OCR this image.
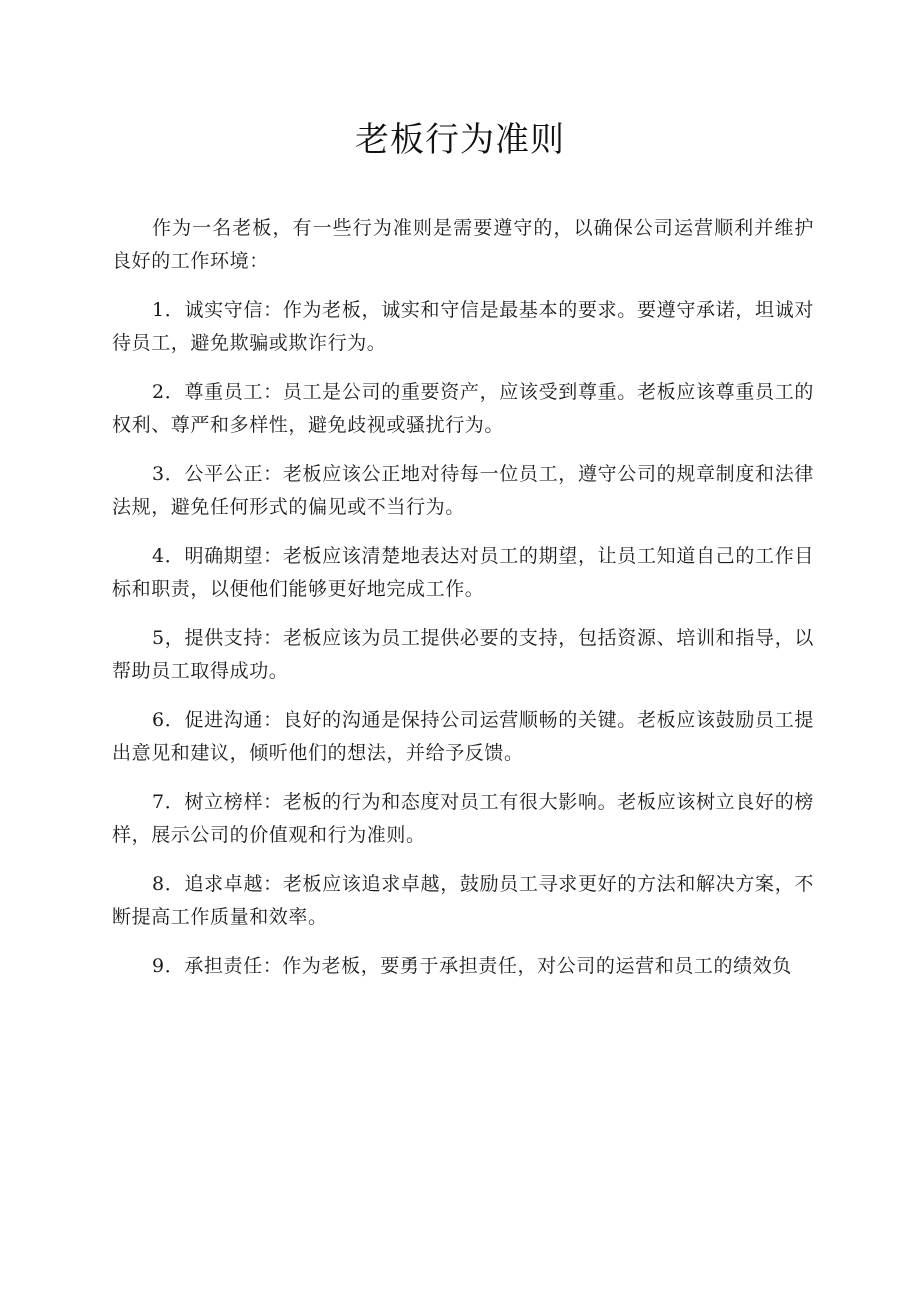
老板行为准则

作为一名老板，有一些行为准则是需要遵守的，以确保公司运营顺利并维护良好的工作环境：

1．诚实守信：作为老板，诚实和守信是最基本的要求。要遵守承诺，坦诚对待员工，避免欺骗或欺诈行为。

2．尊重员工：员工是公司的重要资产，应该受到尊重。老板应该尊重员工的权利、尊严和多样性，避免歧视或骚扰行为。

3．公平公正：老板应该公正地对待每一位员工，遵守公司的规章制度和法律法规，避免任何形式的偏见或不当行为。

4．明确期望：老板应该清楚地表达对员工的期望，让员工知道自己的工作目标和职责，以便他们能够更好地完成工作。

5，提供支持：老板应该为员工提供必要的支持，包括资源、培训和指导，以帮助员工取得成功。

6．促进沟通：良好的沟通是保持公司运营顺畅的关键。老板应该鼓励员工提出意见和建议，倾听他们的想法，并给予反馈。

7．树立榜样：老板的行为和态度对员工有很大影响。老板应该树立良好的榜样，展示公司的价值观和行为准则。

8．追求卓越：老板应该追求卓越，鼓励员工寻求更好的方法和解决方案，不断提高工作质量和效率。

9．承担责任：作为老板，要勇于承担责任，对公司的运营和员工的绩效负
